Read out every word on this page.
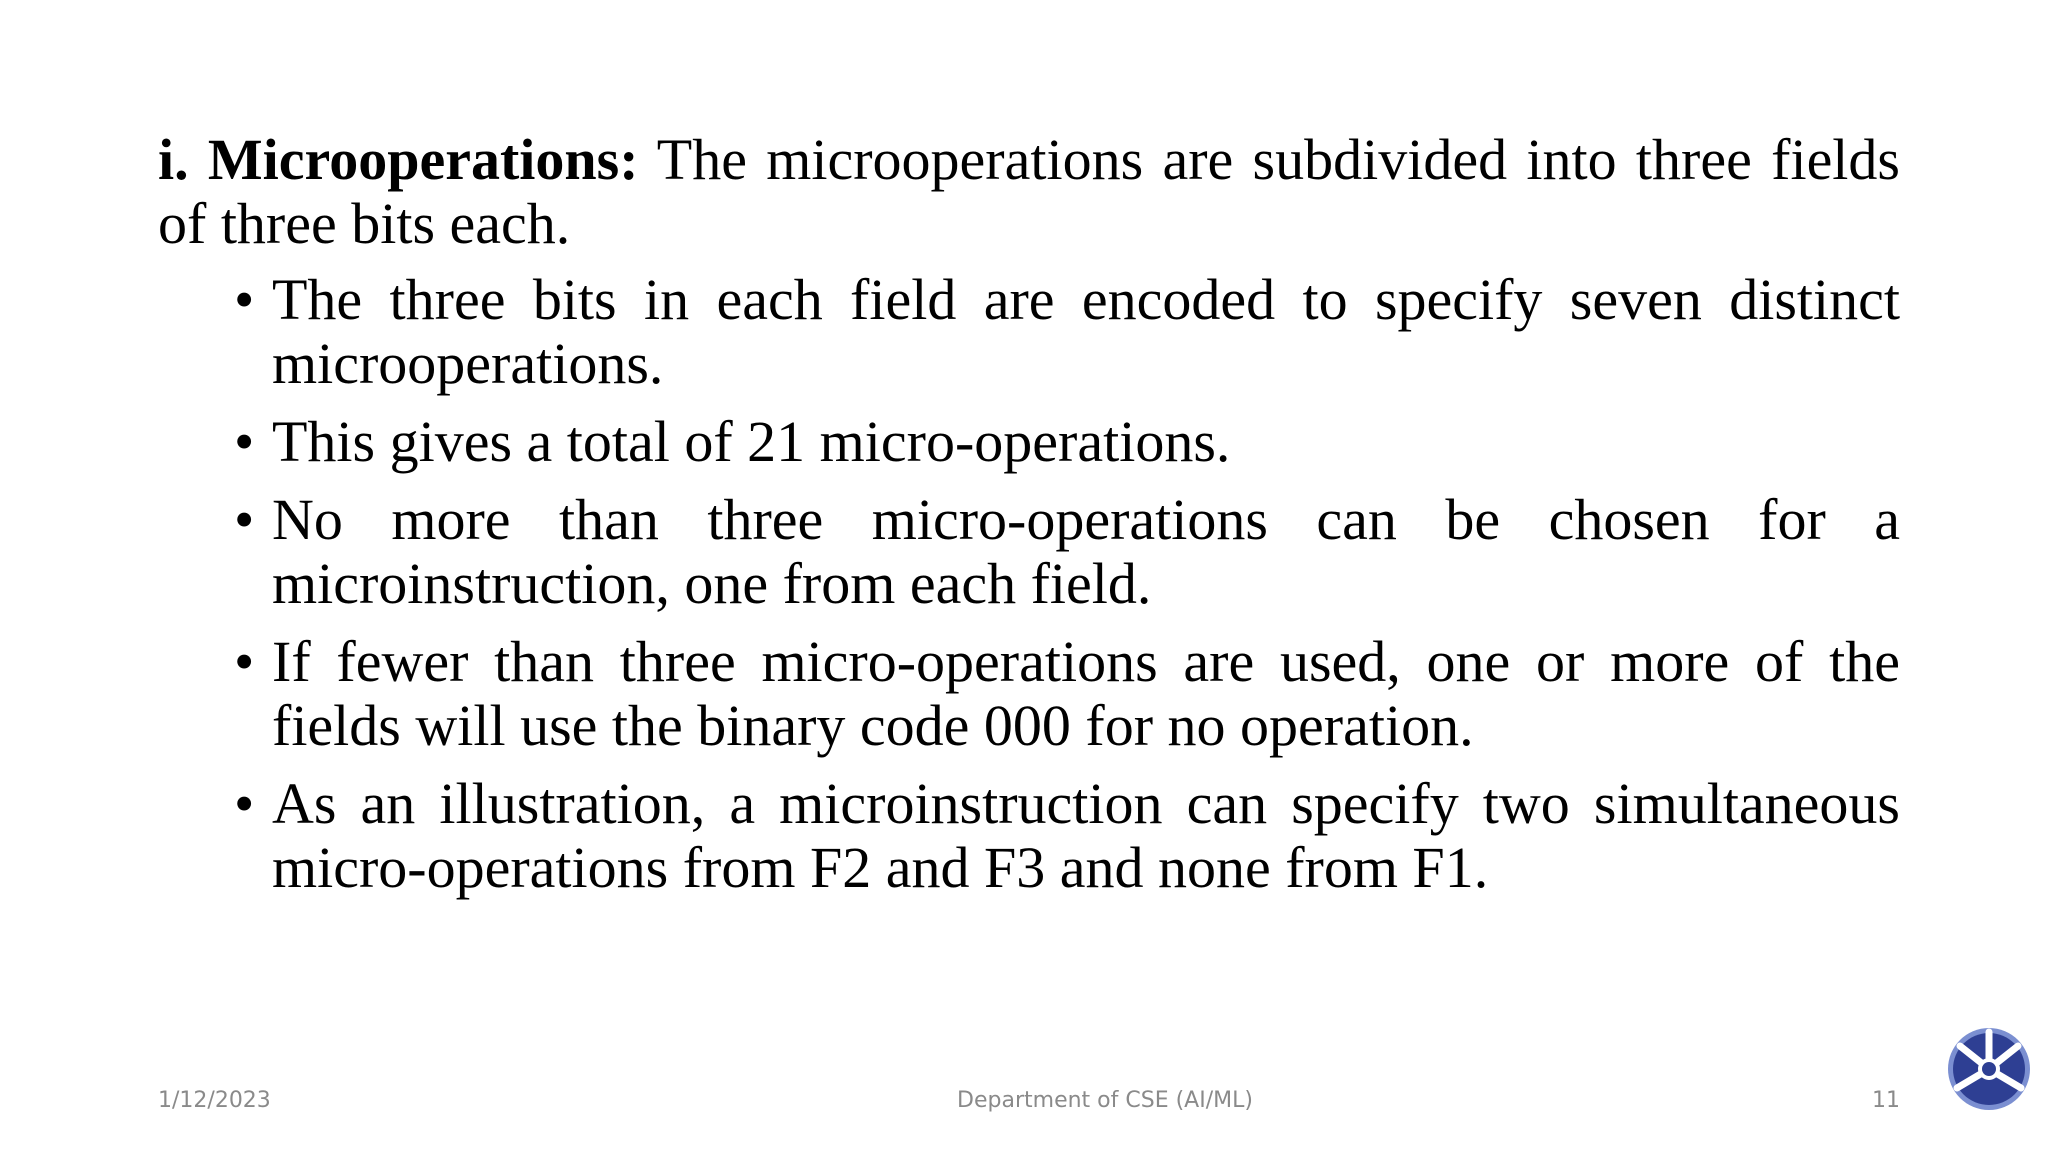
i. Microoperations: The microoperations are subdivided into three fields of three bits each.

• The three bits in each field are encoded to specify seven distinct microoperations.
• This gives a total of 21 micro-operations.
• No more than three micro-operations can be chosen for a microinstruction, one from each field.
• If fewer than three micro-operations are used, one or more of the fields will use the binary code 000 for no operation.
• As an illustration, a microinstruction can specify two simultaneous micro-operations from F2 and F3 and none from F1.
1/12/2023	Department of CSE (AI/ML)	11
